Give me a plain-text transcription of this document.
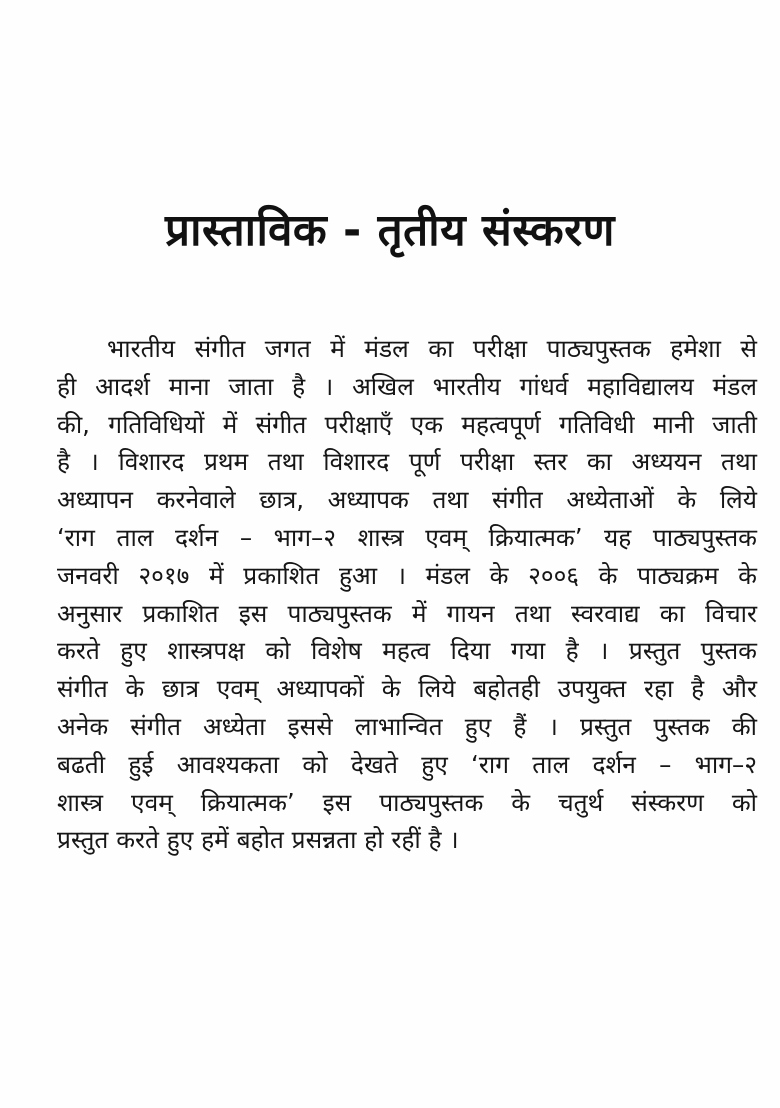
प्रास्ताविक - तृतीय संस्करण
भारतीय संगीत जगत में मंडल का परीक्षा पाठ्यपुस्तक हमेशा से
ही आदर्श माना जाता है । अखिल भारतीय गांधर्व महाविद्यालय मंडल
की, गतिविधियों में संगीत परीक्षाएँ एक महत्वपूर्ण गतिविधी मानी जाती
है । विशारद प्रथम तथा विशारद पूर्ण परीक्षा स्तर का अध्ययन तथा
अध्यापन करनेवाले छात्र, अध्यापक तथा संगीत अध्येताओं के लिये
‘राग ताल दर्शन – भाग–२ शास्त्र एवम् क्रियात्मक’ यह पाठ्यपुस्तक
जनवरी २०१७ में प्रकाशित हुआ । मंडल के २००६ के पाठ्यक्रम के
अनुसार प्रकाशित इस पाठ्यपुस्तक में गायन तथा स्वरवाद्य का विचार
करते हुए शास्त्रपक्ष को विशेष महत्व दिया गया है । प्रस्तुत पुस्तक
संगीत के छात्र एवम् अध्यापकों के लिये बहोतही उपयुक्त रहा है और
अनेक संगीत अध्येता इससे लाभान्वित हुए हैं । प्रस्तुत पुस्तक की
बढती हुई आवश्यकता को देखते हुए ‘राग ताल दर्शन – भाग–२
शास्त्र एवम् क्रियात्मक’ इस पाठ्यपुस्तक के चतुर्थ संस्करण को
प्रस्तुत करते हुए हमें बहोत प्रसन्नता हो रहीं है ।
